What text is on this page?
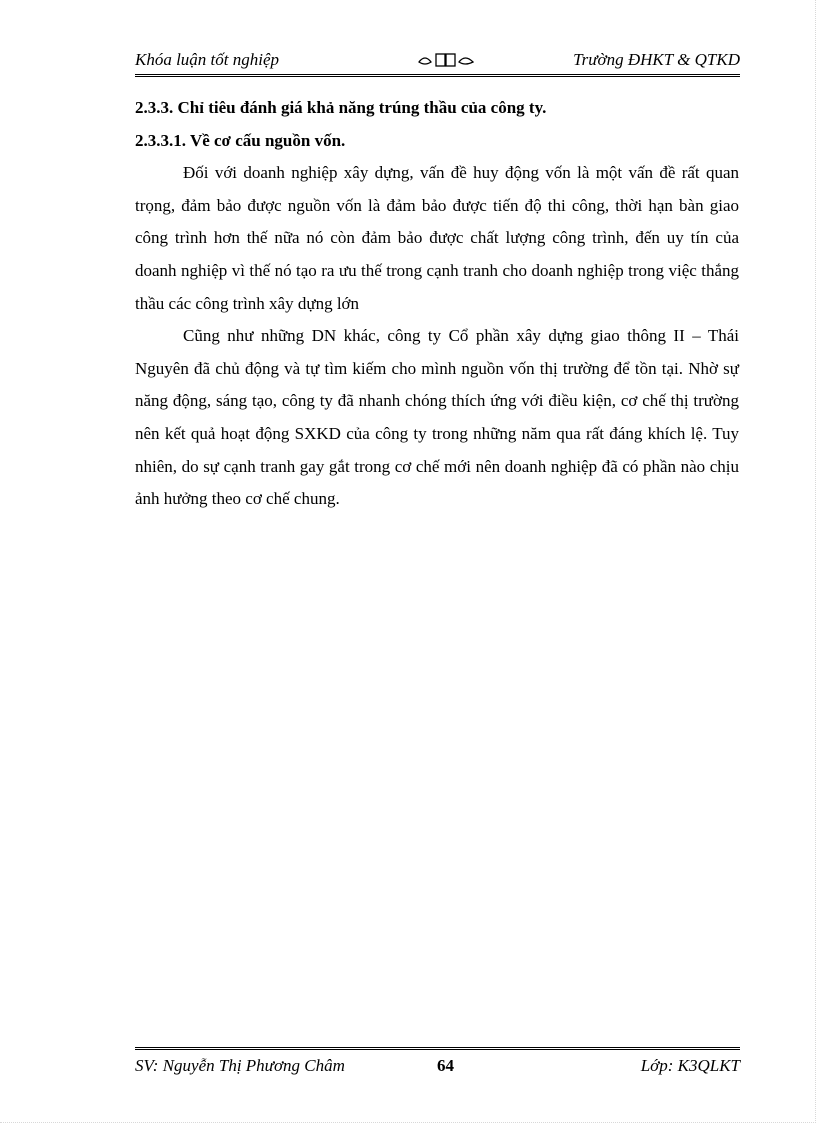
Khóa luận tốt nghiệp	Trường ĐHKT & QTKD

2.3.3. Chỉ tiêu đánh giá khả năng trúng thầu của công ty.

2.3.3.1. Về cơ cấu nguồn vốn.

Đối với doanh nghiệp xây dựng, vấn đề huy động vốn là một vấn đề rất quan trọng, đảm bảo được nguồn vốn là đảm bảo được tiến độ thi công, thời hạn bàn giao công trình hơn thế nữa nó còn đảm bảo được chất lượng công trình, đến uy tín của doanh nghiệp vì thế nó tạo ra ưu thế trong cạnh tranh cho doanh nghiệp trong việc thắng thầu các công trình xây dựng lớn

Cũng như những DN khác, công ty Cổ phần xây dựng giao thông II – Thái Nguyên đã chủ động và tự tìm kiếm cho mình nguồn vốn thị trường để tồn tại. Nhờ sự năng động, sáng tạo, công ty đã nhanh chóng thích ứng với điều kiện, cơ chế thị trường nên kết quả hoạt động SXKD của công ty trong những năm qua rất đáng khích lệ. Tuy nhiên, do sự cạnh tranh gay gắt trong cơ chế mới nên doanh nghiệp đã có phần nào chịu ảnh hưởng theo cơ chế chung.

SV: Nguyễn Thị Phương Châm	64	Lớp: K3QLKT
